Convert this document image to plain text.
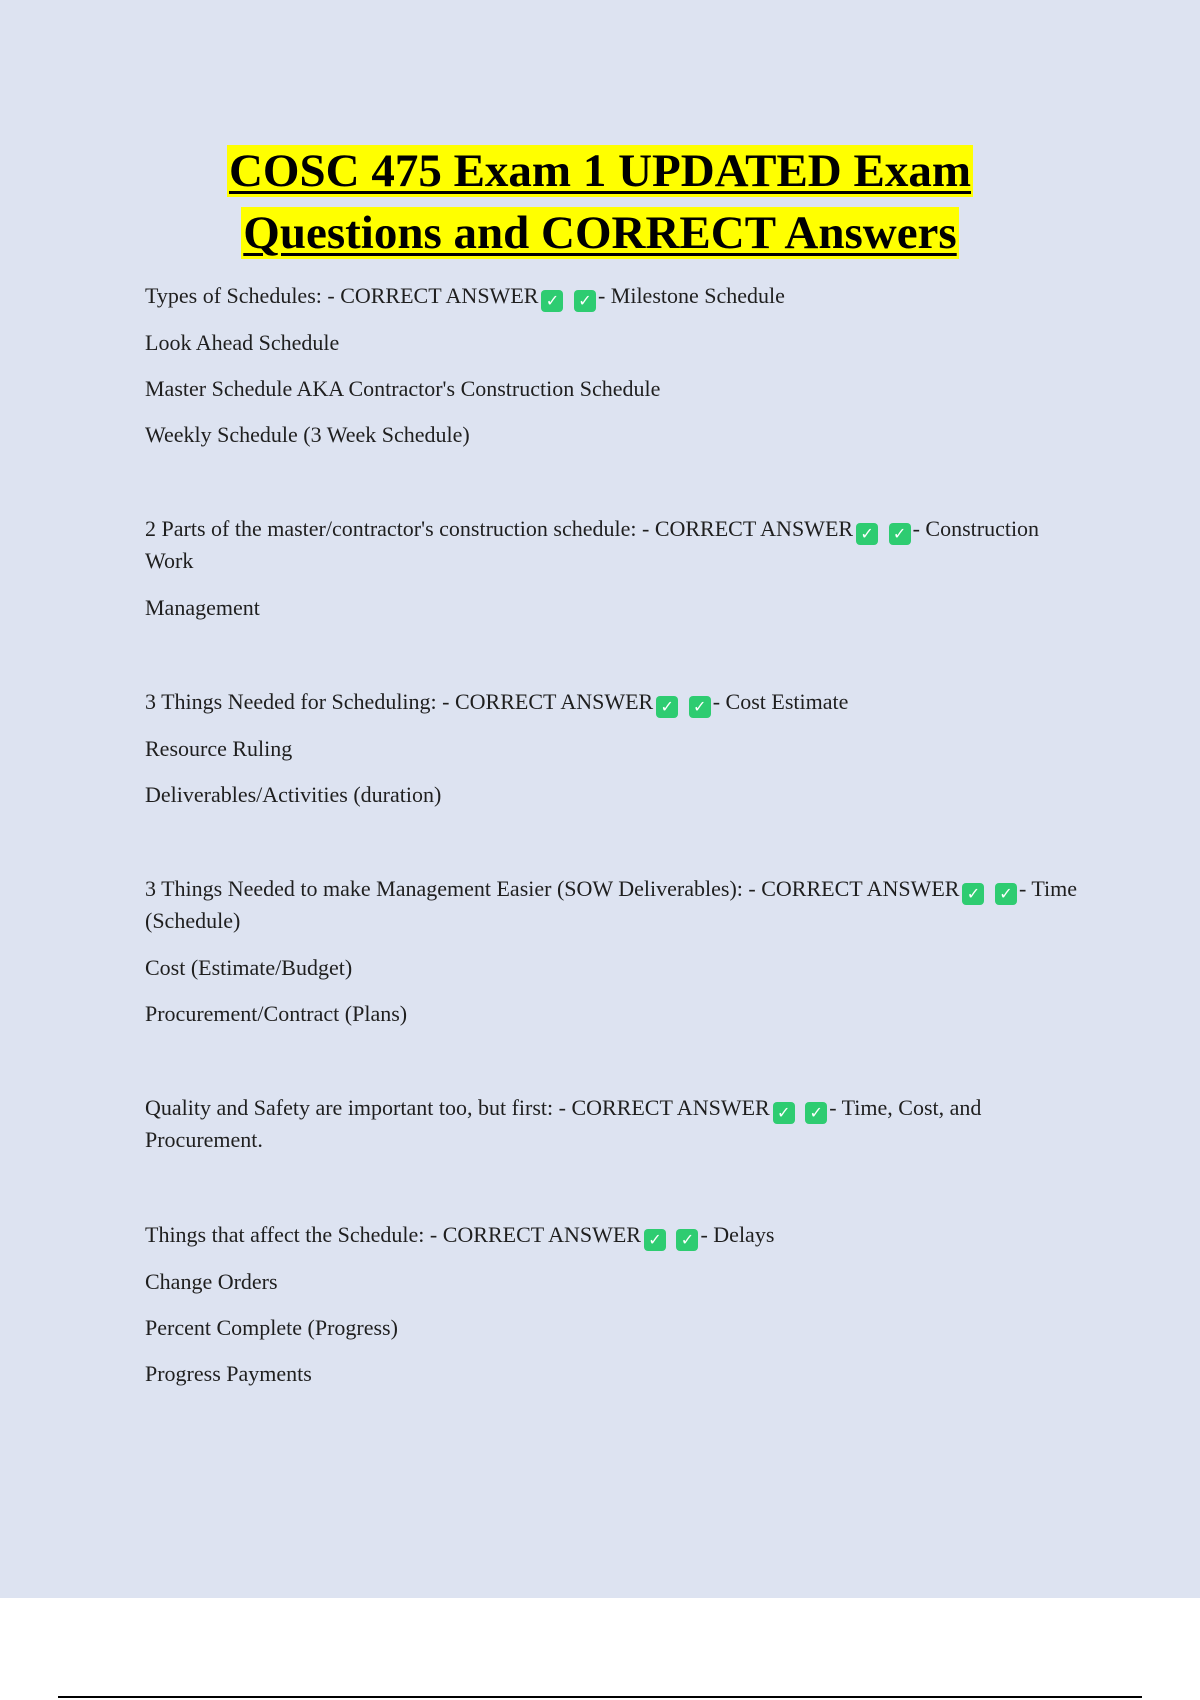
COSC 475 Exam 1 UPDATED Exam
Questions and CORRECT Answers

Types of Schedules: - CORRECT ANSWER ✓ ✓ - Milestone Schedule

Look Ahead Schedule

Master Schedule AKA Contractor's Construction Schedule

Weekly Schedule (3 Week Schedule)

2 Parts of the master/contractor's construction schedule: - CORRECT ANSWER ✓ ✓ - Construction Work

Management

3 Things Needed for Scheduling: - CORRECT ANSWER ✓ ✓ - Cost Estimate

Resource Ruling

Deliverables/Activities (duration)

3 Things Needed to make Management Easier (SOW Deliverables): - CORRECT ANSWER ✓ ✓ - Time (Schedule)

Cost (Estimate/Budget)

Procurement/Contract (Plans)

Quality and Safety are important too, but first: - CORRECT ANSWER ✓ ✓ - Time, Cost, and Procurement.

Things that affect the Schedule: - CORRECT ANSWER ✓ ✓ - Delays

Change Orders

Percent Complete (Progress)

Progress Payments
